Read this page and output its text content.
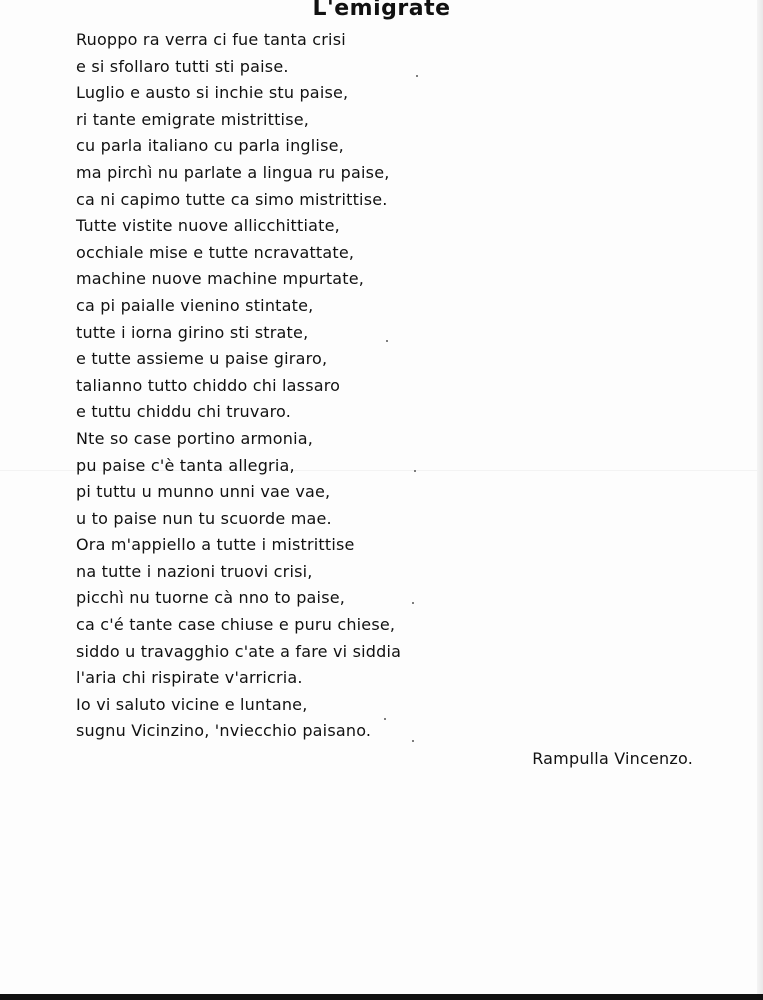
L'emigrate
Ruoppo ra verra ci fue tanta crisi
e si sfollaro tutti sti paise.
Luglio e austo si inchie stu paise,
ri tante emigrate mistrittise,
cu parla italiano cu parla inglise,
ma pirchì nu parlate a lingua ru paise,
ca ni capimo tutte ca simo mistrittise.
Tutte vistite nuove allicchittiate,
occhiale mise e tutte ncravattate,
machine nuove machine mpurtate,
ca pi paialle vienino stintate,
tutte i iorna girino sti strate,
e tutte assieme u paise giraro,
talianno tutto chiddo chi lassaro
e tuttu chiddu chi truvaro.
Nte so case portino armonia,
pu paise c'è tanta allegria,
pi tuttu u munno unni vae vae,
u to paise nun tu scuorde mae.
Ora m'appiello a tutte i mistrittise
na tutte i nazioni truovi crisi,
picchì nu tuorne cà nno to paise,
ca c'é tante case chiuse e puru chiese,
siddo u travagghio c'ate a fare vi siddia
l'aria chi rispirate v'arricria.
Io vi saluto vicine e luntane,
sugnu Vicinzino, 'nviecchio paisano.

Rampulla Vincenzo.
